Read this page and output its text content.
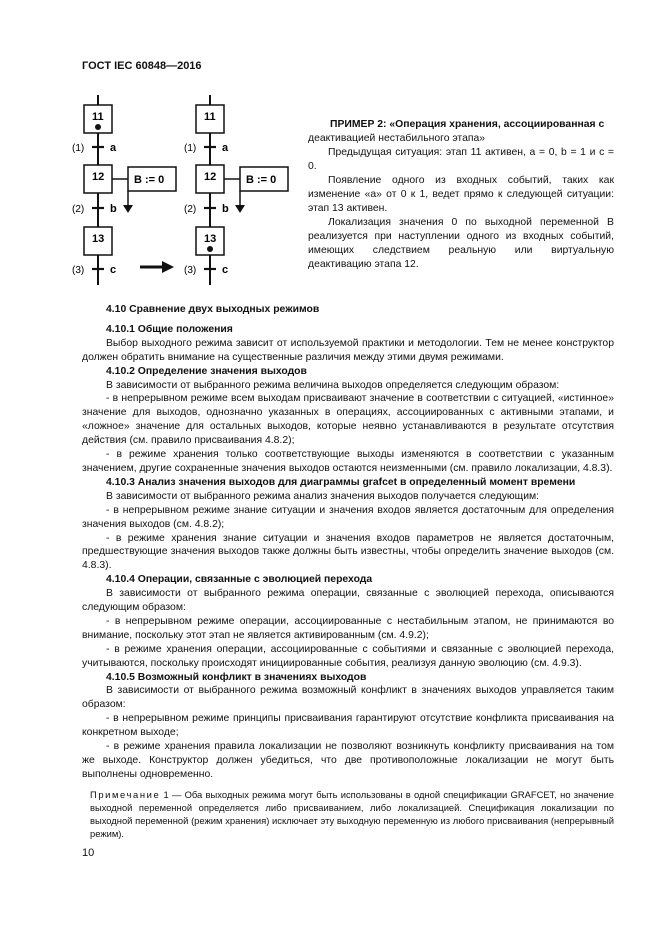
ГОСТ IEC 60848—2016
11
12
13
B := 0
(1)
(2)
(3)
a
b
c
11
12
13
B := 0
(1)
(2)
(3)
a
b
c

ПРИМЕР 2: «Операция хранения, ассоциированная с

деактивацией нестабильного этапа»

Предыдущая ситуация: этап 11 активен, a = 0, b = 1 и c = 0.

Появление одного из входных событий, таких как изменение «a» от 0 к 1, ведет прямо к следующей ситуации: этап 13 активен.

Локализация значения 0 по выходной переменной B реализуется при наступлении одного из входных событий, имеющих следствием реальную или виртуальную деактивацию этапа 12.

4.10 Сравнение двух выходных режимов

4.10.1 Общие положения

Выбор выходного режима зависит от используемой практики и методологии. Тем не менее конструктор должен обратить внимание на существенные различия между этими двумя режимами.

4.10.2 Определение значения выходов

В зависимости от выбранного режима величина выходов определяется следующим образом:

- в непрерывном режиме всем выходам присваивают значение в соответствии с ситуацией, «истинное» значение для выходов, однозначно указанных в операциях, ассоциированных с активными этапами, и «ложное» значение для остальных выходов, которые неявно устанавливаются в результате отсутствия действия (см. правило присваивания 4.8.2);

- в режиме хранения только соответствующие выходы изменяются в соответствии с указанным значением, другие сохраненные значения выходов остаются неизменными (см. правило локализации, 4.8.3).

4.10.3 Анализ значения выходов для диаграммы grafcet в определенный момент времени

В зависимости от выбранного режима анализ значения выходов получается следующим:

- в непрерывном режиме знание ситуации и значения входов является достаточным для определения значения выходов (см. 4.8.2);

- в режиме хранения знание ситуации и значения входов параметров не является достаточным, предшествующие значения выходов также должны быть известны, чтобы определить значение выходов (см. 4.8.3).

4.10.4 Операции, связанные с эволюцией перехода

В зависимости от выбранного режима операции, связанные с эволюцией перехода, описываются следующим образом:

- в непрерывном режиме операции, ассоциированные с нестабильным этапом, не принимаются во внимание, поскольку этот этап не является активированным (см. 4.9.2);

- в режиме хранения операции, ассоциированные с событиями и связанные с эволюцией перехода, учитываются, поскольку происходят инициированные события, реализуя данную эволюцию (см. 4.9.3).

4.10.5 Возможный конфликт в значениях выходов

В зависимости от выбранного режима возможный конфликт в значениях выходов управляется таким образом:

- в непрерывном режиме принципы присваивания гарантируют отсутствие конфликта присваивания на конкретном выходе;

- в режиме хранения правила локализации не позволяют возникнуть конфликту присваивания на том же выходе. Конструктор должен убедиться, что две противоположные локализации не могут быть выполнены одновременно.

Примечание 1 — Оба выходных режима могут быть использованы в одной спецификации GRAFCET, но значение выходной переменной определяется либо присваиванием, либо локализацией. Спецификация локализации по выходной переменной (режим хранения) исключает эту выходную переменную из любого присваивания (непрерывный режим).

10
